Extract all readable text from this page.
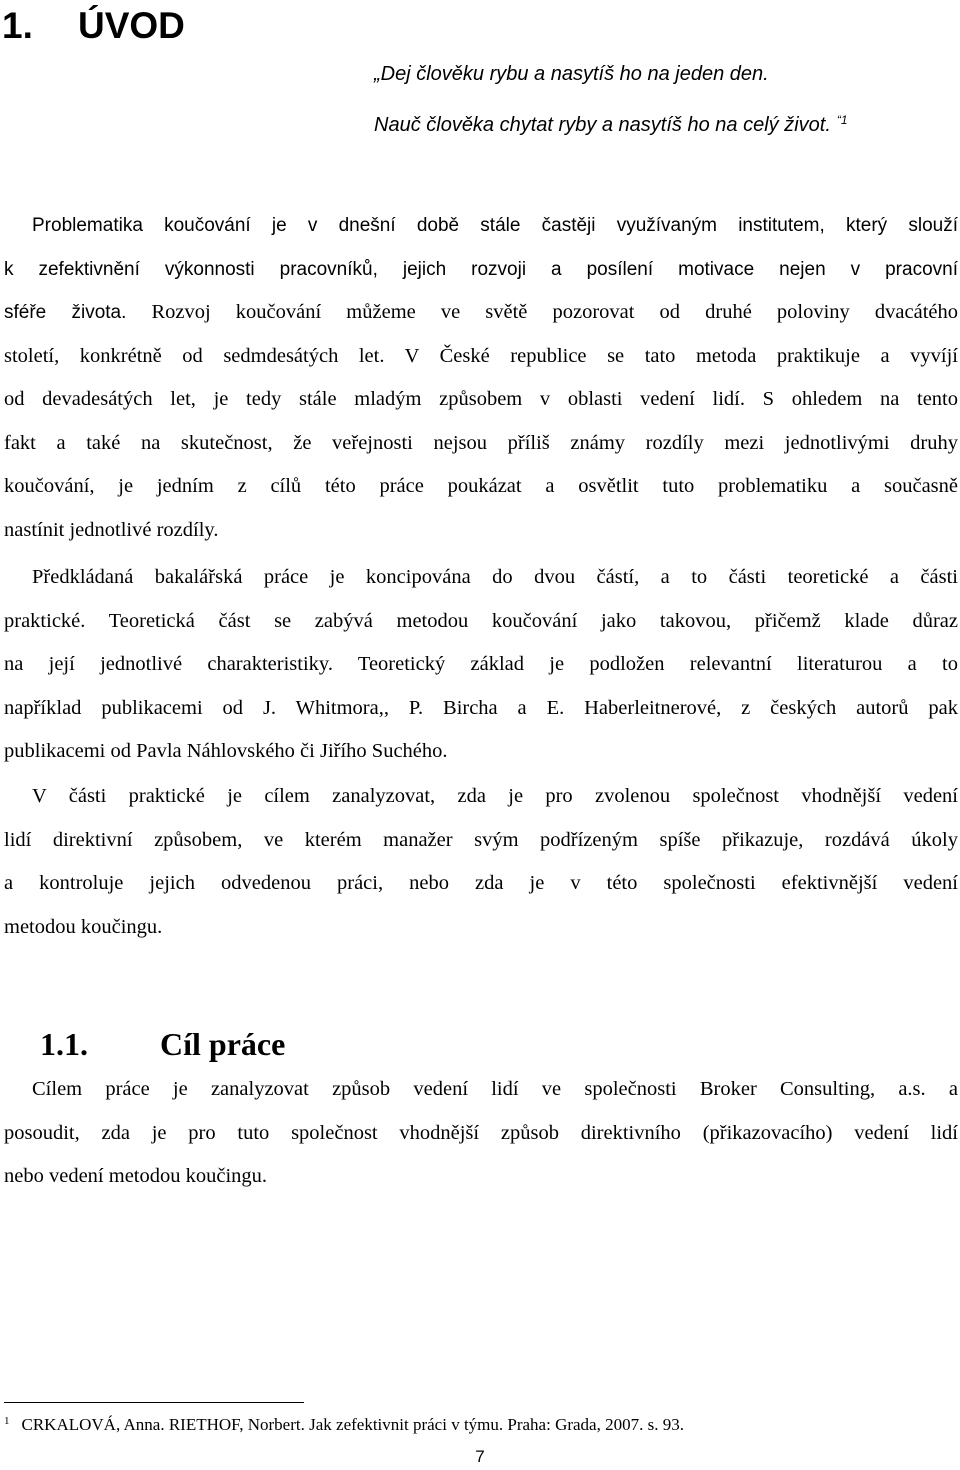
1. ÚVOD
„Dej člověku rybu a nasytíš ho na jeden den.
Nauč člověka chytat ryby a nasytíš ho na celý život. $^{“1}$
Problematika koučování je v dnešní době stále častěji využívaným institutem, který slouží
k zefektivnění výkonnosti pracovníků, jejich rozvoji a posílení motivace nejen v pracovní
sféře života. Rozvoj koučování můžeme ve světě pozorovat od druhé poloviny dvacátého
století, konkrétně od sedmdesátých let. V České republice se tato metoda praktikuje a vyvíjí
od devadesátých let, je tedy stále mladým způsobem v oblasti vedení lidí. S ohledem na tento
fakt a také na skutečnost, že veřejnosti nejsou příliš známy rozdíly mezi jednotlivými druhy
koučování, je jedním z cílů této práce poukázat a osvětlit tuto problematiku a současně
nastínit jednotlivé rozdíly.
Předkládaná bakalářská práce je koncipována do dvou částí, a to části teoretické a části
praktické. Teoretická část se zabývá metodou koučování jako takovou, přičemž klade důraz
na její jednotlivé charakteristiky. Teoretický základ je podložen relevantní literaturou a to
například publikacemi od J. Whitmora,, P. Bircha a E. Haberleitnerové, z českých autorů pak
publikacemi od Pavla Náhlovského či Jiřího Suchého.
V části praktické je cílem zanalyzovat, zda je pro zvolenou společnost vhodnější vedení
lidí direktivní způsobem, ve kterém manažer svým podřízeným spíše přikazuje, rozdává úkoly
a kontroluje jejich odvedenou práci, nebo zda je v této společnosti efektivnější vedení
metodou koučingu.
1.1. Cíl práce
Cílem práce je zanalyzovat způsob vedení lidí ve společnosti Broker Consulting, a.s. a
posoudit, zda je pro tuto společnost vhodnější způsob direktivního (přikazovacího) vedení lidí
nebo vedení metodou koučingu.
$^1$ CRKALOVÁ, Anna. RIETHOF, Norbert. Jak zefektivnit práci v týmu. Praha: Grada, 2007. s. 93.
7
